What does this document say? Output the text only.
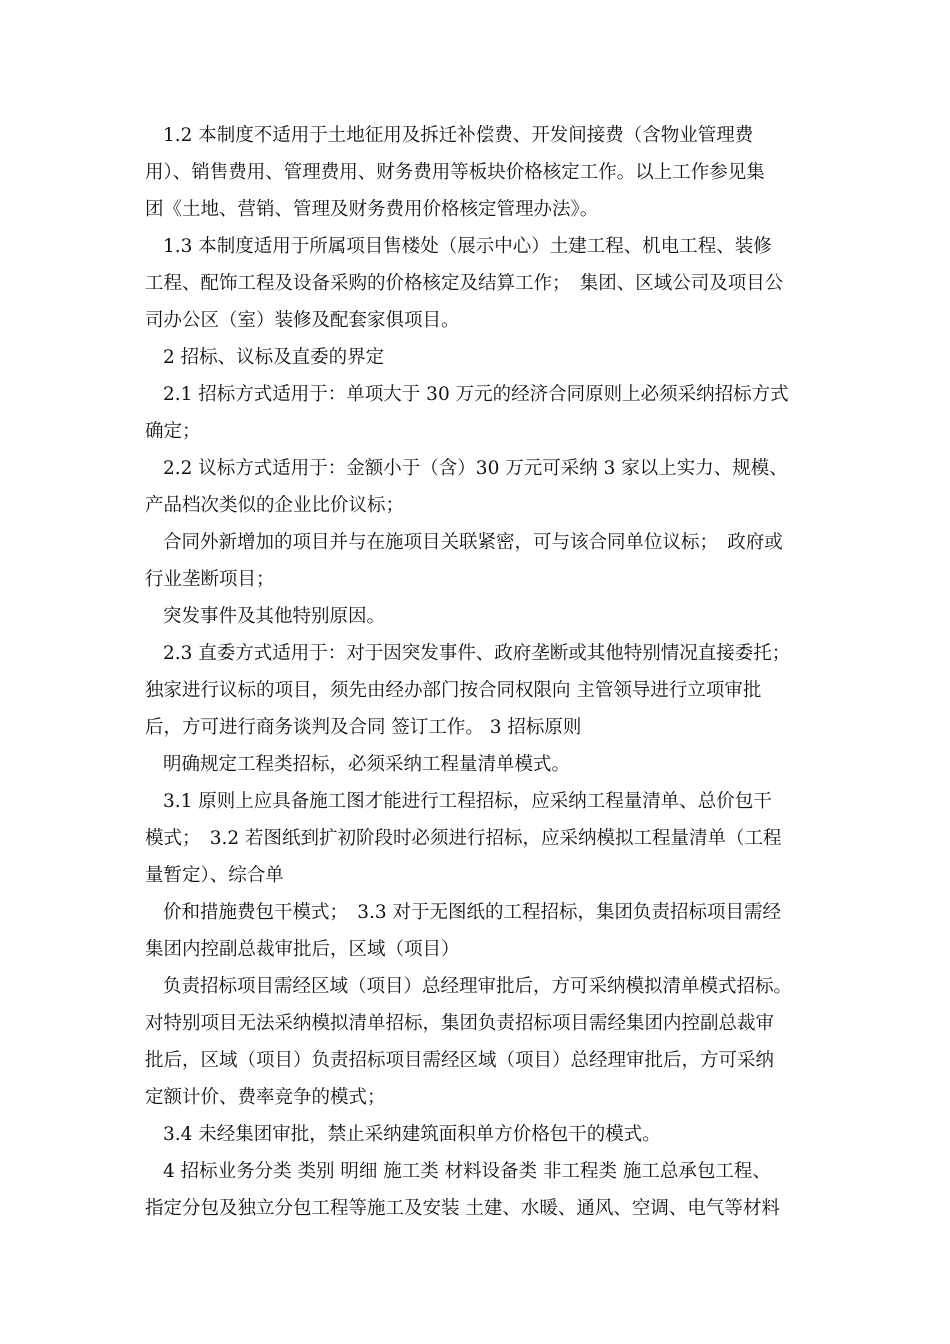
1.2 本制度不适用于土地征用及拆迁补偿费、开发间接费（含物业管理费
用）、销售费用、管理费用、财务费用等板块价格核定工作。以上工作参见集
团《土地、营销、管理及财务费用价格核定管理办法》。
1.3 本制度适用于所属项目售楼处（展示中心）土建工程、机电工程、装修
工程、配饰工程及设备采购的价格核定及结算工作；　集团、区域公司及项目公
司办公区（室）装修及配套家俱项目。
2 招标、议标及直委的界定
2.1 招标方式适用于：单项大于 30 万元的经济合同原则上必须采纳招标方式
确定；
2.2 议标方式适用于：金额小于（含）30 万元可采纳 3 家以上实力、规模、
产品档次类似的企业比价议标；
合同外新增加的项目并与在施项目关联紧密，可与该合同单位议标；　政府或
行业垄断项目；
突发事件及其他特别原因。
2.3 直委方式适用于：对于因突发事件、政府垄断或其他特别情况直接委托；
独家进行议标的项目，须先由经办部门按合同权限向 主管领导进行立项审批
后，方可进行商务谈判及合同 签订工作。 3 招标原则
明确规定工程类招标，必须采纳工程量清单模式。
3.1 原则上应具备施工图才能进行工程招标，应采纳工程量清单、总价包干
模式；　3.2 若图纸到扩初阶段时必须进行招标，应采纳模拟工程量清单（工程
量暂定）、综合单
价和措施费包干模式；　3.3 对于无图纸的工程招标，集团负责招标项目需经
集团内控副总裁审批后，区域（项目）
负责招标项目需经区域（项目）总经理审批后，方可采纳模拟清单模式招标。
对特别项目无法采纳模拟清单招标，集团负责招标项目需经集团内控副总裁审
批后，区域（项目）负责招标项目需经区域（项目）总经理审批后，方可采纳
定额计价、费率竞争的模式；
3.4 未经集团审批，禁止采纳建筑面积单方价格包干的模式。
4 招标业务分类 类别 明细 施工类 材料设备类 非工程类 施工总承包工程、
指定分包及独立分包工程等施工及安装 土建、水暖、通风、空调、电气等材料
